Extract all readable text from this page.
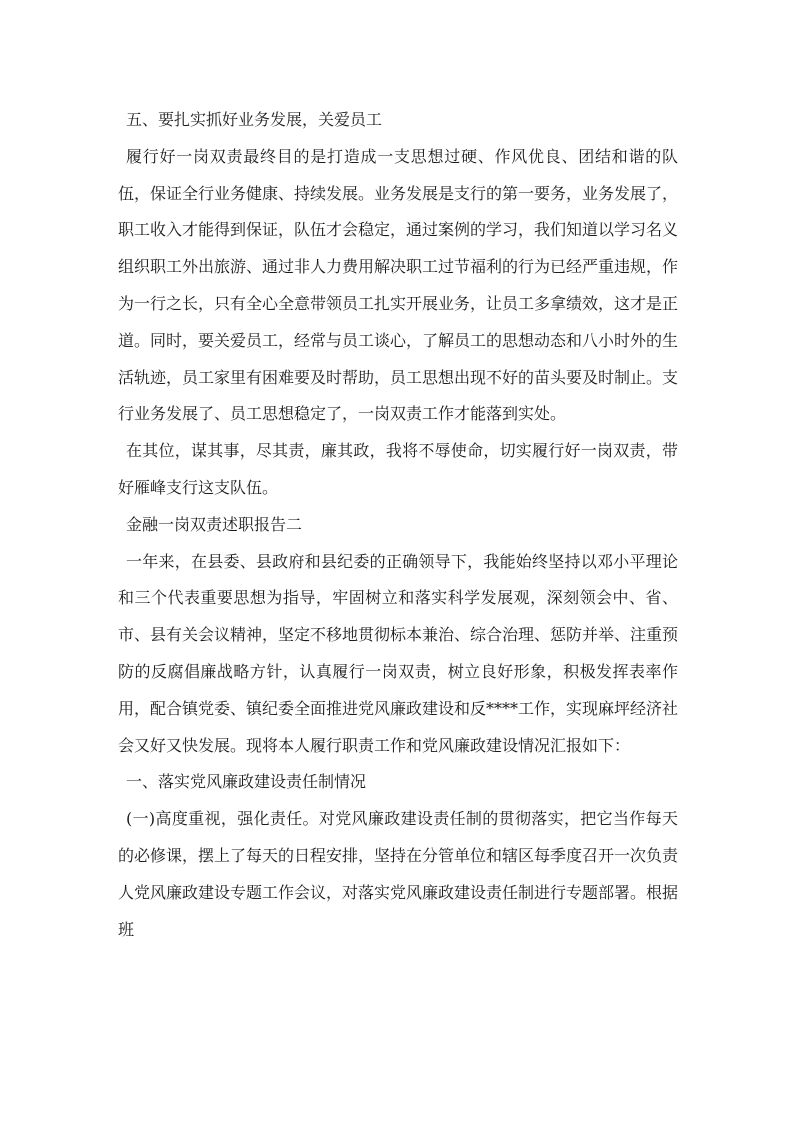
五、要扎实抓好业务发展，关爱员工

履行好一岗双责最终目的是打造成一支思想过硬、作风优良、团结和谐的队伍，保证全行业务健康、持续发展。业务发展是支行的第一要务，业务发展了，职工收入才能得到保证，队伍才会稳定，通过案例的学习，我们知道以学习名义组织职工外出旅游、通过非人力费用解决职工过节福利的行为已经严重违规，作为一行之长，只有全心全意带领员工扎实开展业务，让员工多拿绩效，这才是正道。同时，要关爱员工，经常与员工谈心，了解员工的思想动态和八小时外的生活轨迹，员工家里有困难要及时帮助，员工思想出现不好的苗头要及时制止。支行业务发展了、员工思想稳定了，一岗双责工作才能落到实处。

在其位，谋其事，尽其责，廉其政，我将不辱使命，切实履行好一岗双责，带好雁峰支行这支队伍。

金融一岗双责述职报告二

一年来，在县委、县政府和县纪委的正确领导下，我能始终坚持以邓小平理论和三个代表重要思想为指导，牢固树立和落实科学发展观，深刻领会中、省、市、县有关会议精神，坚定不移地贯彻标本兼治、综合治理、惩防并举、注重预防的反腐倡廉战略方针，认真履行一岗双责，树立良好形象，积极发挥表率作用，配合镇党委、镇纪委全面推进党风廉政建设和反****工作，实现麻坪经济社会又好又快发展。现将本人履行职责工作和党风廉政建设情况汇报如下：

一、落实党风廉政建设责任制情况

(一)高度重视，强化责任。对党风廉政建设责任制的贯彻落实，把它当作每天的必修课，摆上了每天的日程安排，坚持在分管单位和辖区每季度召开一次负责人党风廉政建设专题工作会议，对落实党风廉政建设责任制进行专题部署。根据班
